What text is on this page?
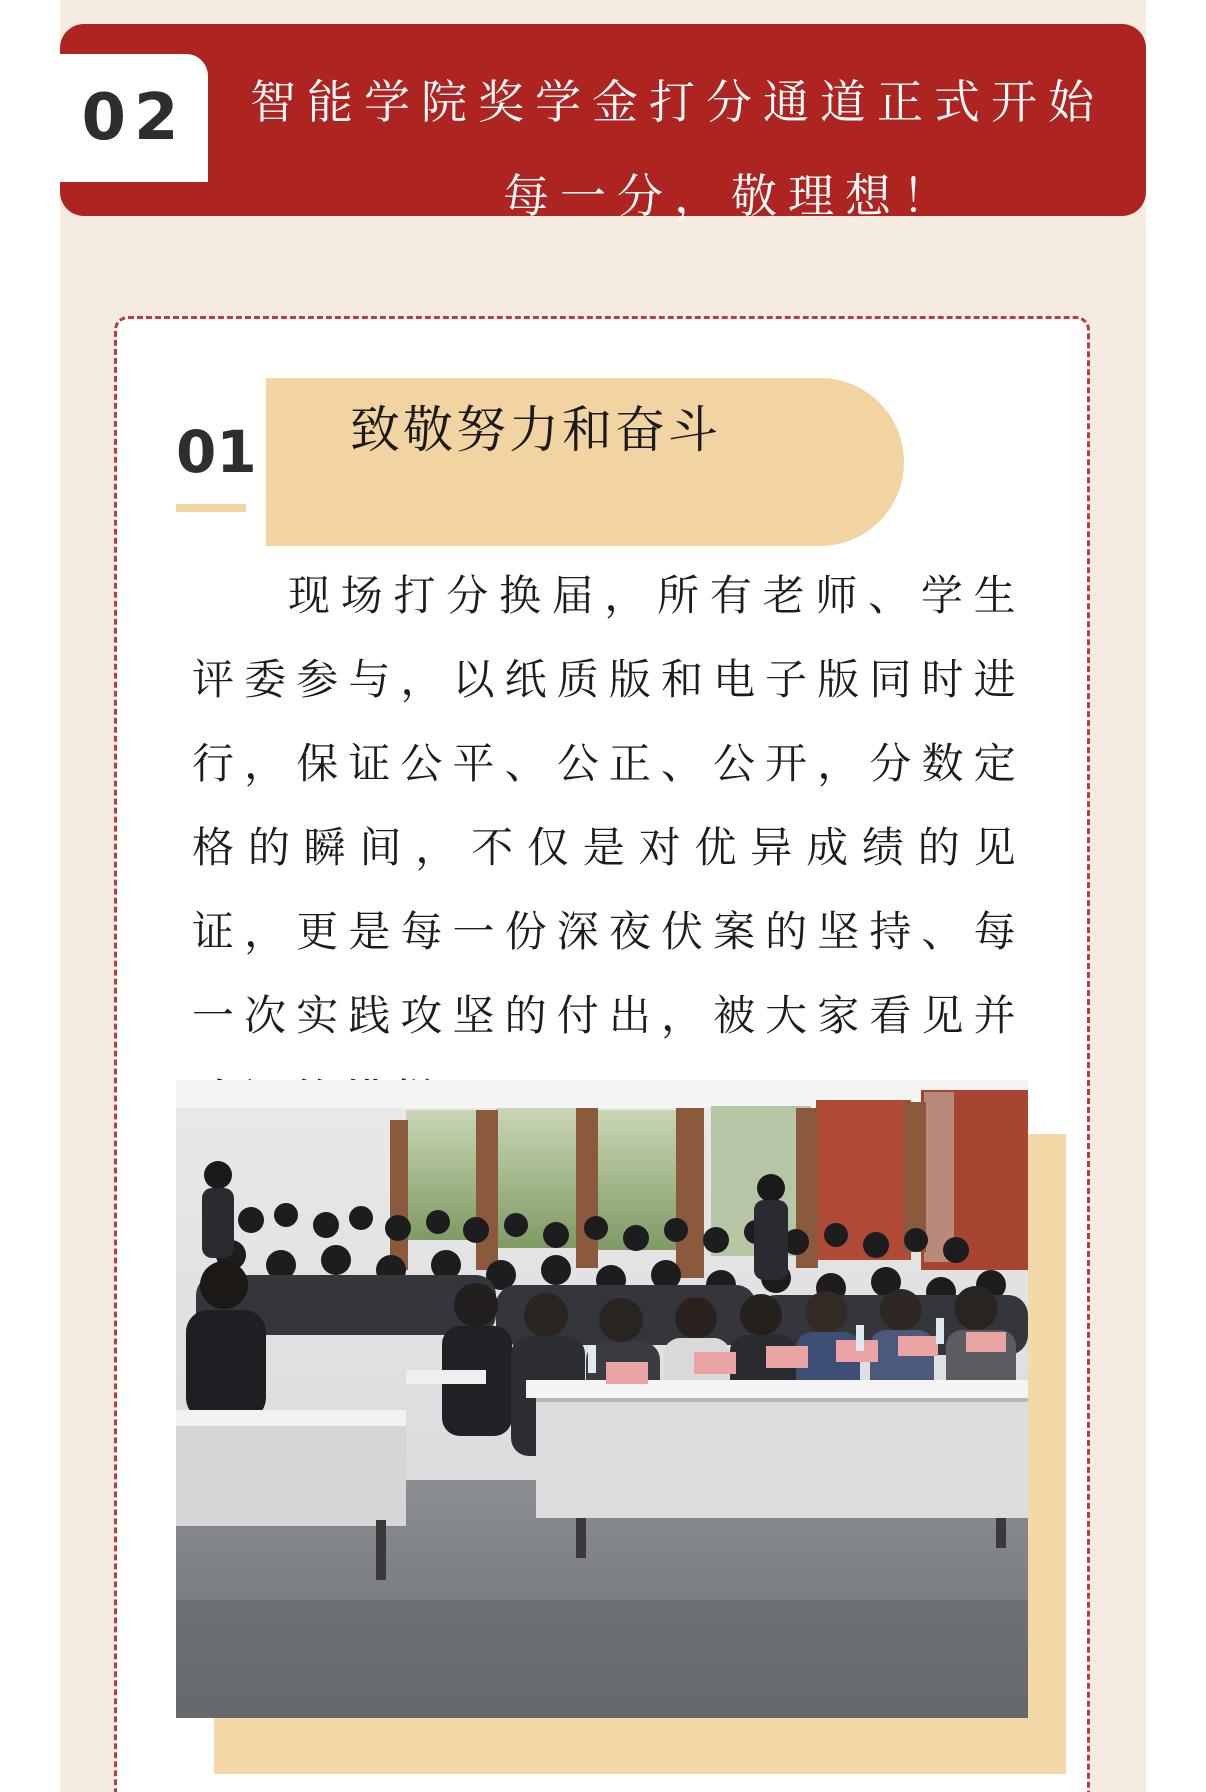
02 智能学院奖学金打分通道正式开始
每一分，敬理想！
01 致敬努力和奋斗
现场打分换届，所有老师、学生评委参与，以纸质版和电子版同时进行，保证公平、公正、公开，分数定格的瞬间，不仅是对优异成绩的见证，更是每一份深夜伏案的坚持、每一次实践攻坚的付出，被大家看见并
